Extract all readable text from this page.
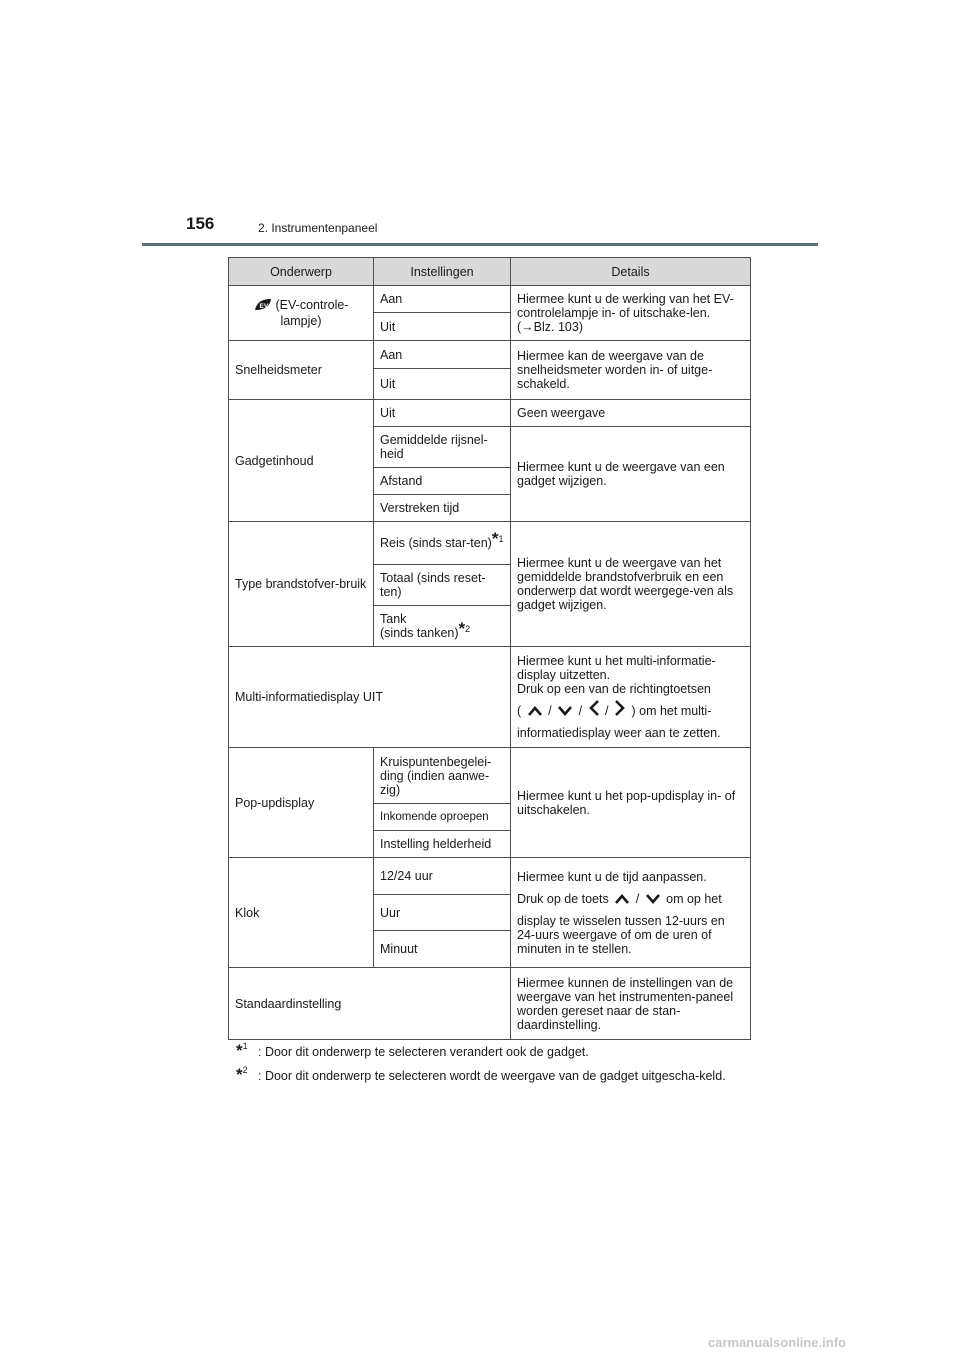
156	2. Instrumentenpaneel
Onderwerp	Instellingen	Details

EV (EV-controle-lampje)	Aan	Hiermee kunt u de werking van het EV-controlelampje in- of uitschake-len. (→Blz. 103)
	Uit	
Snelheidsmeter	Aan	Hiermee kan de weergave van de snelheidsmeter worden in- of uitge-schakeld.
	Uit	
Gadgetinhoud	Uit	Geen weergave
	Gemiddelde rijsnel-heid	Hiermee kunt u de weergave van een gadget wijzigen.
	Afstand	
	Verstreken tijd	
Type brandstofver-bruik	Reis (sinds star-ten)$^{*1}$	Hiermee kunt u de weergave van het gemiddelde brandstofverbruik en een onderwerp dat wordt weergege-ven als gadget wijzigen.
	Totaal (sinds reset-ten)	

	Tank
(sinds tanken)$^{*2}$
Multi-informatiedisplay UIT		Hiermee kunt u het multi-informatie-display uitzetten.
Druk op een van de richtingtoetsen
( / / / ) om het multi-
informatiedisplay weer aan te zetten.

Pop-updisplay	Kruispuntenbegelei-ding (indien aanwe-zig)	Hiermee kunt u het pop-updisplay in- of uitschakelen.
	Inkomende oproepen	
	Instelling helderheid	
Klok	12/24 uur	Hiermee kunt u de tijd aanpassen.
Druk op de toets / om op het
display te wisselen tussen 12-uurs en 24-uurs weergave of om de uren of minuten in te stellen.

	Uur	
	Minuut	
Standaardinstelling		Hiermee kunnen de instellingen van de weergave van het instrumenten-paneel worden gereset naar de stan-daardinstelling.
*$^1$ : Door dit onderwerp te selecteren verandert ook de gadget.
*$^2$ : Door dit onderwerp te selecteren wordt de weergave van de gadget uitgescha-keld.
carmanualsonline.info
